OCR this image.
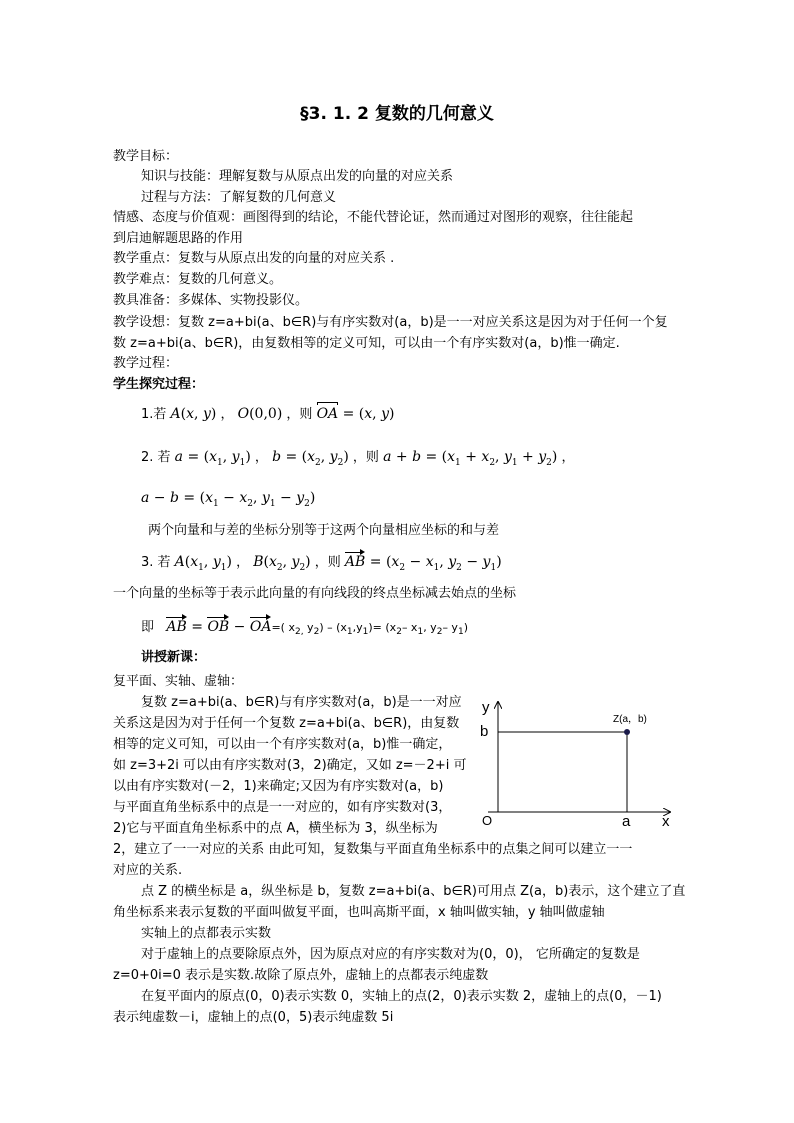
§3. 1. 2 复数的几何意义
教学目标：
知识与技能：理解复数与从原点出发的向量的对应关系
过程与方法：了解复数的几何意义
情感、态度与价值观：画图得到的结论，不能代替论证，然而通过对图形的观察，往往能起
到启迪解题思路的作用
教学重点：复数与从原点出发的向量的对应关系 .
教学难点：复数的几何意义。
教具准备：多媒体、实物投影仪。
教学设想：复数 z=a+bi(a、b∈R)与有序实数对(a，b)是一一对应关系这是因为对于任何一个复
数 z=a+bi(a、b∈R)，由复数相等的定义可知，可以由一个有序实数对(a，b)惟一确定.
教学过程：
学生探究过程：
1.若 A(x, y) ， O(0,0) ，则 OA = (x, y)
2. 若 $a = (x_1$, $y_1$) ， $b = (x_2$, $y_2$) ，则 $a + b = (x_1 + x_2$, $y_1 + y_2$) ，
$a - b = (x_1 - x_2$, $y_1 - y_2$)
两个向量和与差的坐标分别等于这两个向量相应坐标的和与差
3. 若 $A(x_1$, $y_1$) ， $B(x_2$, $y_2$) ，则 AB = ($x_2 - x_1$, $y_2 - y_1$)
一个向量的坐标等于表示此向量的有向线段的终点坐标减去始点的坐标
即   AB = OB − OA=( $x_{2,}$ $y_2) - (x_1,y_1)= (x_2-$ $x_1$, $y_2-$ $y_1$)
讲授新课：
复平面、实轴、虚轴：
复数 z=a+bi(a、b∈R)与有序实数对(a，b)是一一对应
关系这是因为对于任何一个复数 z=a+bi(a、b∈R)，由复数
相等的定义可知，可以由一个有序实数对(a，b)惟一确定，
如 z=3+2i 可以由有序实数对(3，2)确定，又如 z=－2+i 可
以由有序实数对(－2，1)来确定;又因为有序实数对(a，b)
与平面直角坐标系中的点是一一对应的，如有序实数对(3，
2)它与平面直角坐标系中的点 A，横坐标为 3，纵坐标为
2，建立了一一对应的关系 由此可知，复数集与平面直角坐标系中的点集之间可以建立一一
对应的关系.
点 Z 的横坐标是 a，纵坐标是 b，复数 z=a+bi(a、b∈R)可用点 Z(a，b)表示，这个建立了直
角坐标系来表示复数的平面叫做复平面，也叫高斯平面，x 轴叫做实轴，y 轴叫做虚轴
实轴上的点都表示实数
对于虚轴上的点要除原点外，因为原点对应的有序实数对为(0，0)， 它所确定的复数是
z=0+0i=0 表示是实数.故除了原点外，虚轴上的点都表示纯虚数
在复平面内的原点(0，0)表示实数 0，实轴上的点(2，0)表示实数 2，虚轴上的点(0，－1)
表示纯虚数－i，虚轴上的点(0，5)表示纯虚数 5i
y
b
O	a x
Z(a，b)
